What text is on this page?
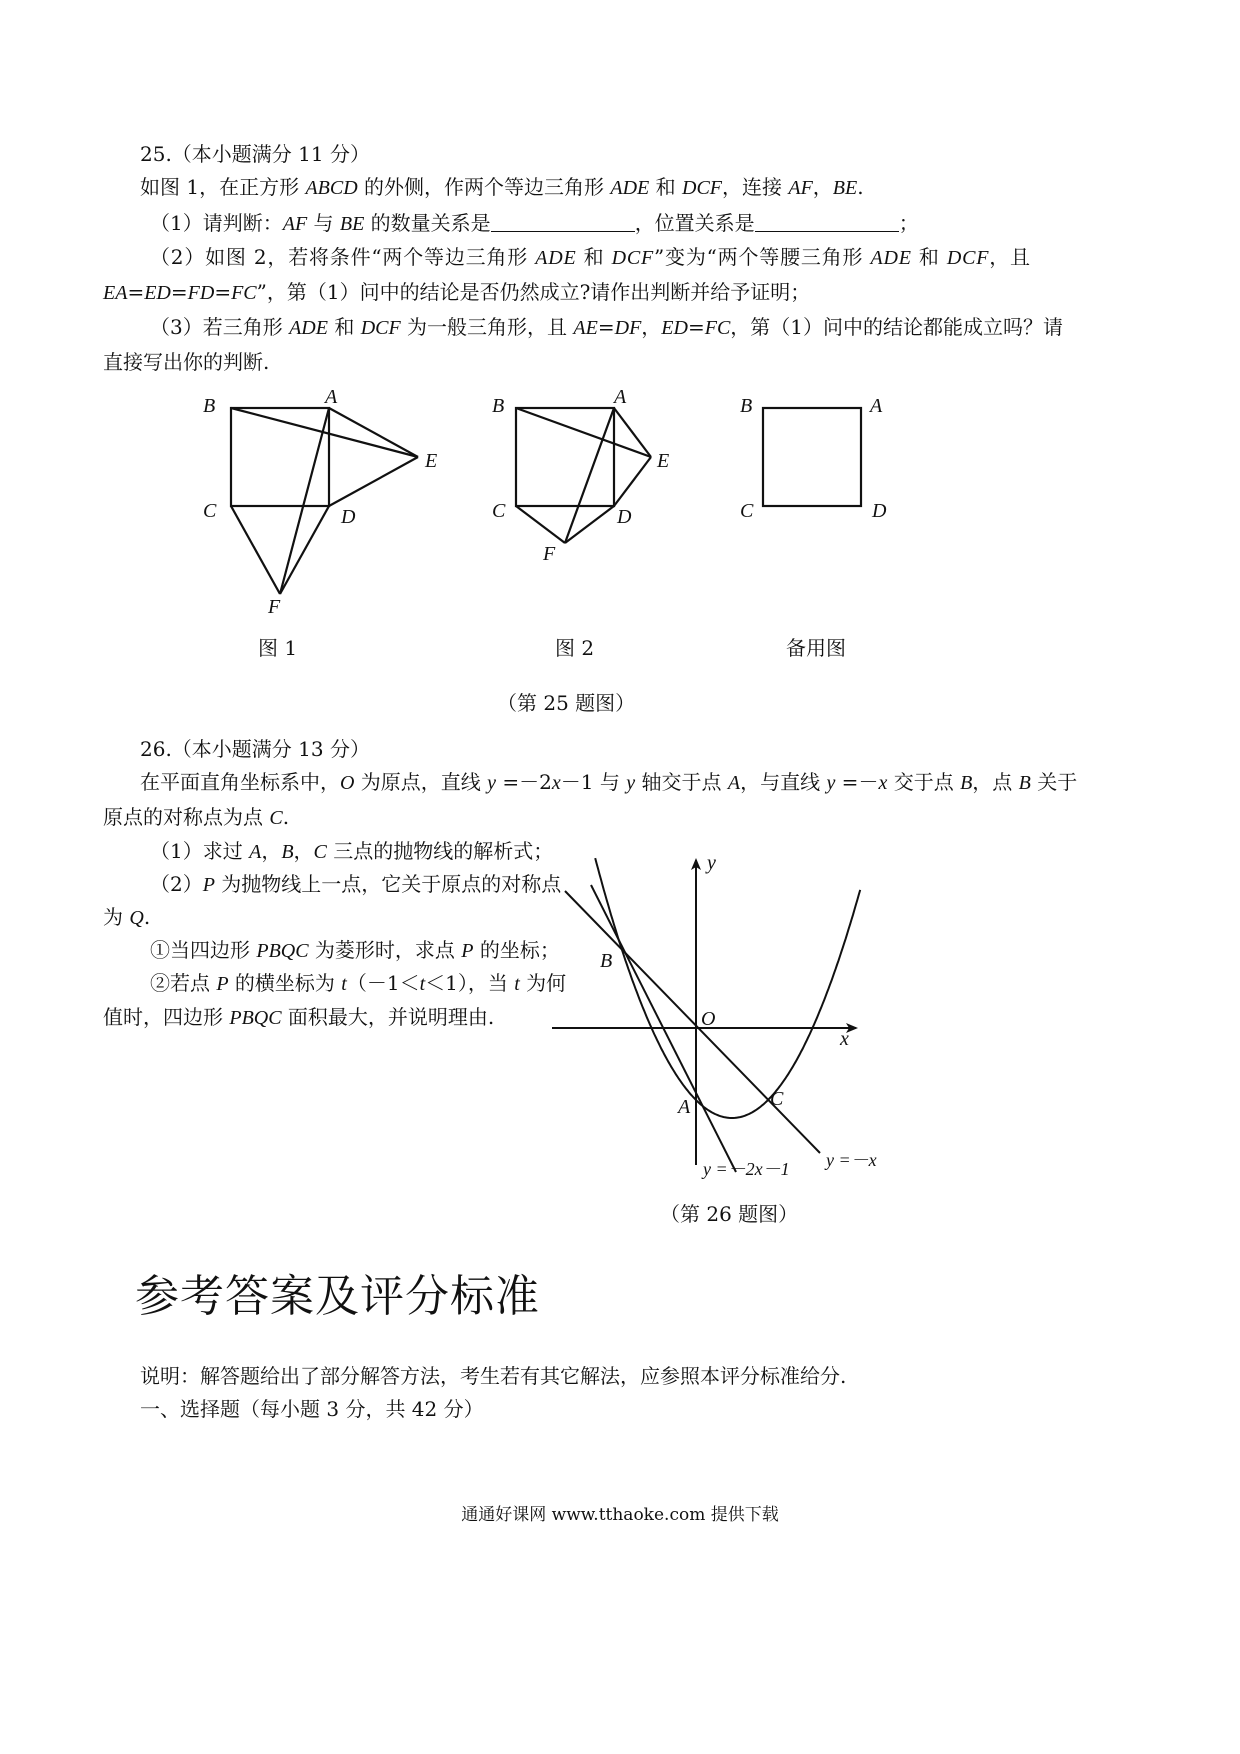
25.（本小题满分 11 分）
如图 1，在正方形 ABCD 的外侧，作两个等边三角形 ADE 和 DCF，连接 AF，BE.
（1）请判断：AF 与 BE 的数量关系是	，位置关系是	；
（2）如图 2，若将条件“两个等边三角形 ADE 和 DCF”变为“两个等腰三角形 ADE 和 DCF，且
EA=ED=FD=FC”，第（1）问中的结论是否仍然成立?请作出判断并给予证明；
（3）若三角形 ADE 和 DCF 为一般三角形，且 AE=DF，ED=FC，第（1）问中的结论都能成立吗？请
直接写出你的判断.
B	A
E
C	D
F
图 1
B	A
E
C	D
F
图 2
B	A
C	D
备用图
（第 25 题图）
26.（本小题满分 13 分）
在平面直角坐标系中，O 为原点，直线 y =－2x－1 与 y 轴交于点 A，与直线 y =－x 交于点 B，点 B 关于
原点的对称点为点 C.
（1）求过 A，B，C 三点的抛物线的解析式；
（2）P 为抛物线上一点，它关于原点的对称点
为 Q.
①当四边形 PBQC 为菱形时，求点 P 的坐标；
②若点 P 的横坐标为 t（－1＜t＜1），当 t 为何
值时，四边形 PBQC 面积最大，并说明理由.
y
x
O
B
A	C
y =－2x－1 y =－x
（第 26 题图）
参考答案及评分标准
说明：解答题给出了部分解答方法，考生若有其它解法，应参照本评分标准给分.
一、选择题（每小题 3 分，共 42 分）
通通好课网 www.tthaoke.com 提供下载
